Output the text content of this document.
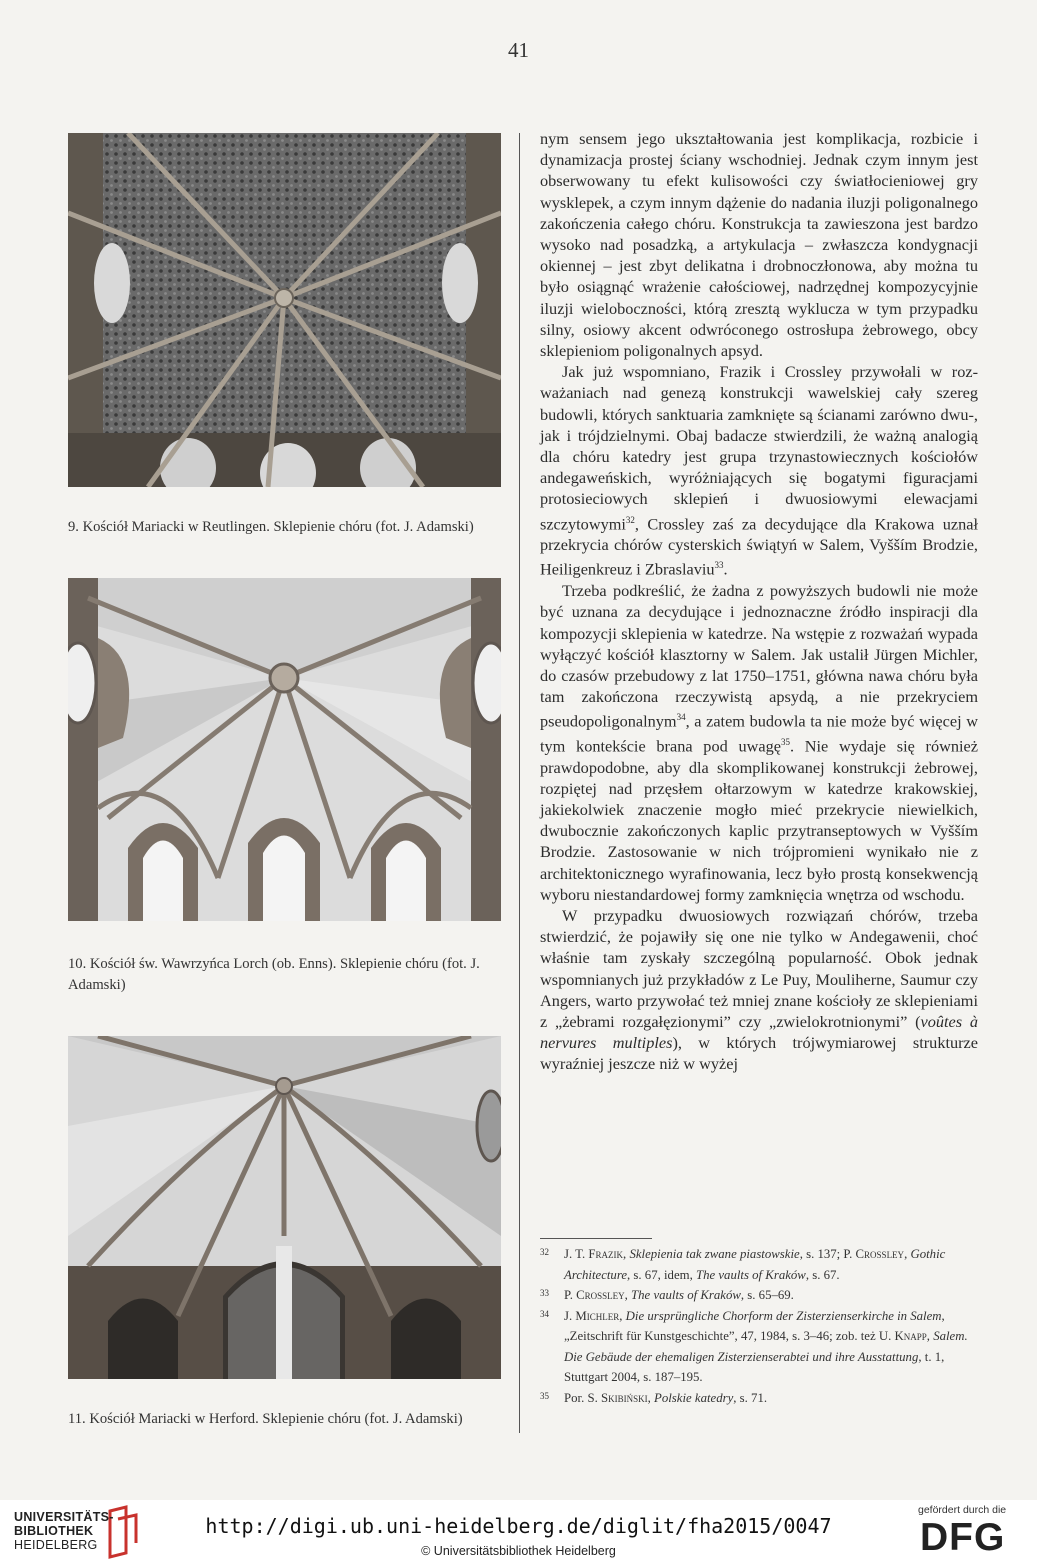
41
9. Kościół Mariacki w Reutlingen. Sklepienie chóru (fot. J. Adamski)
10. Kościół św. Wawrzyńca Lorch (ob. Enns). Sklepienie chóru (fot. J. Adamski)
11. Kościół Mariacki w Herford. Sklepienie chóru (fot. J. Adamski)

nym sensem jego ukształtowania jest komplikacja, rozbicie i dynamizacja prostej ściany wschodniej. Jednak czym innym jest obserwowany tu efekt kulisowości czy światłocieniowej gry wysklepek, a czym innym dążenie do nadania iluzji poligonalnego zakończenia całego chóru. Konstrukcja ta zawieszona jest bardzo wysoko nad posadzką, a artykulacja – zwłaszcza kondygnacji okiennej – jest zbyt delikatna i drobnoczłonowa, aby można tu było osiągnąć wrażenie całościowej, nadrzędnej kompozycyjnie iluzji wieloboczności, którą zresztą wyklucza w tym przypadku silny, osiowy akcent odwróconego ostrosłupa żebrowego, obcy sklepieniom poligonalnych apsyd.

Jak już wspomniano, Frazik i Crossley przywołali w rozważaniach nad genezą konstrukcji wawelskiej cały szereg budowli, których sanktuaria zamknięte są ścianami zarówno dwu-, jak i trójdzielnymi. Obaj badacze stwierdzili, że ważną analogią dla chóru katedry jest grupa trzynastowiecznych kościołów andegaweńskich, wyróżniających się bogatymi figuracjami protosieciowych sklepień i dwuosiowymi elewacjami szczytowymi$^{32}$, Crossley zaś za decydujące dla Krakowa uznał przekrycia chórów cysterskich świątyń w Salem, Vyšším Brodzie, Heiligenkreuz i Zbraslaviu$^{33}$.

Trzeba podkreślić, że żadna z powyższych budowli nie może być uznana za decydujące i jednoznaczne źródło inspiracji dla kompozycji sklepienia w katedrze. Na wstępie z rozważań wypada wyłączyć kościół klasztorny w Salem. Jak ustalił Jürgen Michler, do czasów przebudowy z lat 1750–1751, główna nawa chóru była tam zakończona rzeczywistą apsydą, a nie przekryciem pseudopoligonalnym$^{34}$, a zatem budowla ta nie może być więcej w tym kontekście brana pod uwagę$^{35}$. Nie wydaje się również prawdopodobne, aby dla skomplikowanej konstrukcji żebrowej, rozpiętej nad przęsłem ołtarzowym w katedrze krakowskiej, jakiekolwiek znaczenie mogło mieć przekrycie niewielkich, dwubocznie zakończonych kaplic przytranseptowych w Vyšším Brodzie. Zastosowanie w nich trójpromieni wynikało nie z architektonicznego wyrafinowania, lecz było prostą konsekwencją wyboru niestandardowej formy zamknięcia wnętrza od wschodu.

W przypadku dwuosiowych rozwiązań chórów, trzeba stwierdzić, że pojawiły się one nie tylko w Andegawenii, choć właśnie tam zyskały szczególną popularność. Obok jednak wspomnianych już przykładów z Le Puy, Mouliherne, Saumur czy Angers, warto przywołać też mniej znane kościoły ze sklepieniami z „żebrami rozgałęzionymi” czy „zwielokrotnionymi” (voûtes à nervures multiples), w których trójwymiarowej strukturze wyraźniej jeszcze niż w wyżej

32 J. T. Frazik, Sklepienia tak zwane piastowskie, s. 137; P. Crossley, Gothic Architecture, s. 67, idem, The vaults of Kraków, s. 67.
33 P. Crossley, The vaults of Kraków, s. 65–69.
34 J. Michler, Die ursprüngliche Chorform der Zisterzienserkirche in Salem, „Zeitschrift für Kunstgeschichte”, 47, 1984, s. 3–46; zob. też U. Knapp, Salem. Die Gebäude der ehemaligen Zisterzienserabtei und ihre Ausstattung, t. 1, Stuttgart 2004, s. 187–195.
35 Por. S. Skibiński, Polskie katedry, s. 71.
UNIVERSITÄTS-
BIBLIOTHEK
HEIDELBERG
http://digi.ub.uni-heidelberg.de/diglit/fha2015/0047
© Universitätsbibliothek Heidelberg
gefördert durch die
DFG
